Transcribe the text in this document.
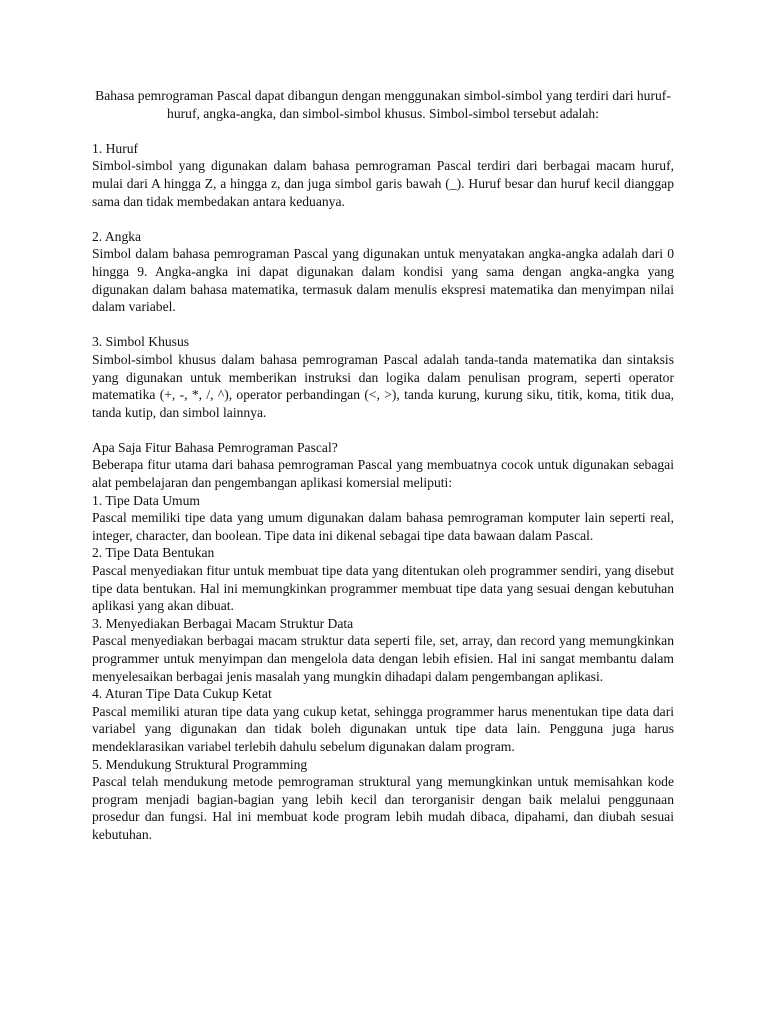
Bahasa pemrograman Pascal dapat dibangun dengan menggunakan simbol-simbol yang terdiri dari huruf-huruf, angka-angka, dan simbol-simbol khusus. Simbol-simbol tersebut adalah:

1. Huruf

Simbol-simbol yang digunakan dalam bahasa pemrograman Pascal terdiri dari berbagai macam huruf, mulai dari A hingga Z, a hingga z, dan juga simbol garis bawah (_). Huruf besar dan huruf kecil dianggap sama dan tidak membedakan antara keduanya.

2. Angka

Simbol dalam bahasa pemrograman Pascal yang digunakan untuk menyatakan angka-angka adalah dari 0 hingga 9. Angka-angka ini dapat digunakan dalam kondisi yang sama dengan angka-angka yang digunakan dalam bahasa matematika, termasuk dalam menulis ekspresi matematika dan menyimpan nilai dalam variabel.

3. Simbol Khusus

Simbol-simbol khusus dalam bahasa pemrograman Pascal adalah tanda-tanda matematika dan sintaksis yang digunakan untuk memberikan instruksi dan logika dalam penulisan program, seperti operator matematika (+, -, *, /, ^), operator perbandingan (<, >), tanda kurung, kurung siku, titik, koma, titik dua, tanda kutip, dan simbol lainnya.

Apa Saja Fitur Bahasa Pemrograman Pascal?

Beberapa fitur utama dari bahasa pemrograman Pascal yang membuatnya cocok untuk digunakan sebagai alat pembelajaran dan pengembangan aplikasi komersial meliputi:

1. Tipe Data Umum

Pascal memiliki tipe data yang umum digunakan dalam bahasa pemrograman komputer lain seperti real, integer, character, dan boolean. Tipe data ini dikenal sebagai tipe data bawaan dalam Pascal.

2. Tipe Data Bentukan

Pascal menyediakan fitur untuk membuat tipe data yang ditentukan oleh programmer sendiri, yang disebut tipe data bentukan. Hal ini memungkinkan programmer membuat tipe data yang sesuai dengan kebutuhan aplikasi yang akan dibuat.

3. Menyediakan Berbagai Macam Struktur Data

Pascal menyediakan berbagai macam struktur data seperti file, set, array, dan record yang memungkinkan programmer untuk menyimpan dan mengelola data dengan lebih efisien. Hal ini sangat membantu dalam menyelesaikan berbagai jenis masalah yang mungkin dihadapi dalam pengembangan aplikasi.

4. Aturan Tipe Data Cukup Ketat

Pascal memiliki aturan tipe data yang cukup ketat, sehingga programmer harus menentukan tipe data dari variabel yang digunakan dan tidak boleh digunakan untuk tipe data lain. Pengguna juga harus mendeklarasikan variabel terlebih dahulu sebelum digunakan dalam program.

5. Mendukung Struktural Programming

Pascal telah mendukung metode pemrograman struktural yang memungkinkan untuk memisahkan kode program menjadi bagian-bagian yang lebih kecil dan terorganisir dengan baik melalui penggunaan prosedur dan fungsi. Hal ini membuat kode program lebih mudah dibaca, dipahami, dan diubah sesuai kebutuhan.
